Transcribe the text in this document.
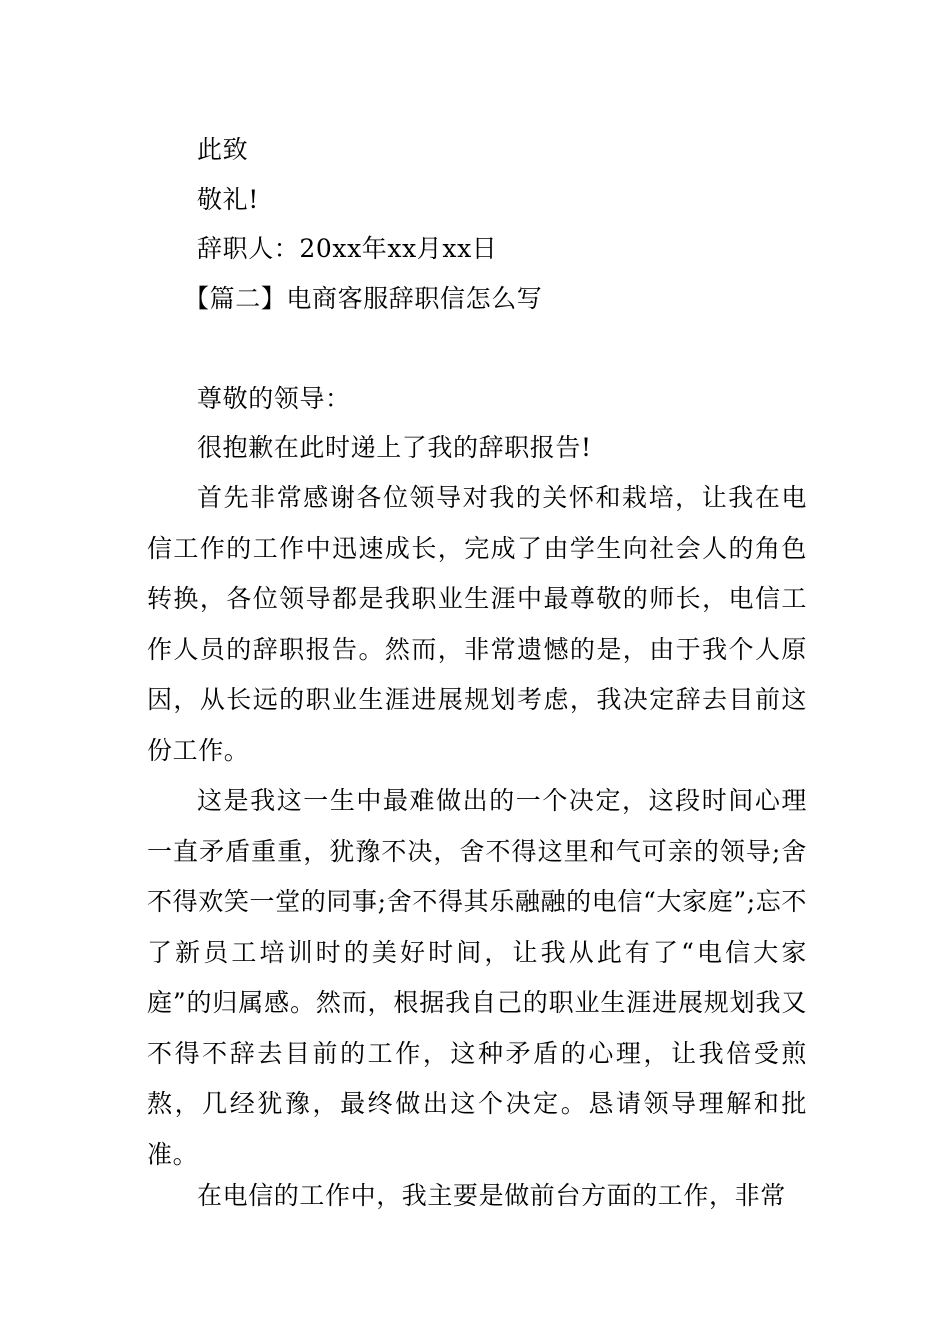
此致
敬礼!
辞职人：20xx年xx月xx日
【篇二】电商客服辞职信怎么写
尊敬的领导：
很抱歉在此时递上了我的辞职报告!

首先非常感谢各位领导对我的关怀和栽培，让我在电信工作的工作中迅速成长，完成了由学生向社会人的角色转换，各位领导都是我职业生涯中最尊敬的师长，电信工作人员的辞职报告。然而，非常遗憾的是，由于我个人原因，从长远的职业生涯进展规划考虑，我决定辞去目前这份工作。

这是我这一生中最难做出的一个决定，这段时间心理一直矛盾重重，犹豫不决，舍不得这里和气可亲的领导;舍不得欢笑一堂的同事;舍不得其乐融融的电信“大家庭”;忘不了新员工培训时的美好时间，让我从此有了“电信大家庭”的归属感。然而，根据我自己的职业生涯进展规划我又不得不辞去目前的工作，这种矛盾的心理，让我倍受煎熬，几经犹豫，最终做出这个决定。恳请领导理解和批准。

在电信的工作中，我主要是做前台方面的工作，非常
